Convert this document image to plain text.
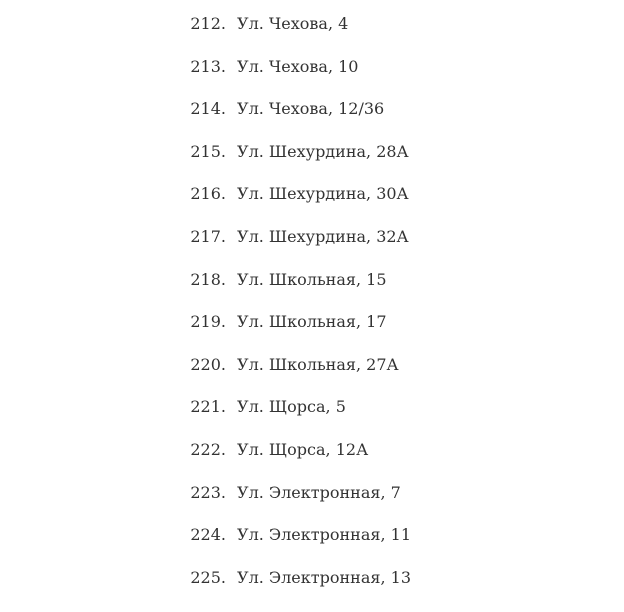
212. Ул. Чехова, 4
213. Ул. Чехова, 10
214. Ул. Чехова, 12/36
215. Ул. Шехурдина, 28А
216. Ул. Шехурдина, 30А
217. Ул. Шехурдина, 32А
218. Ул. Школьная, 15
219. Ул. Школьная, 17
220. Ул. Школьная, 27А
221. Ул. Щорса, 5
222. Ул. Щорса, 12А
223. Ул. Электронная, 7
224. Ул. Электронная, 11
225. Ул. Электронная, 13
